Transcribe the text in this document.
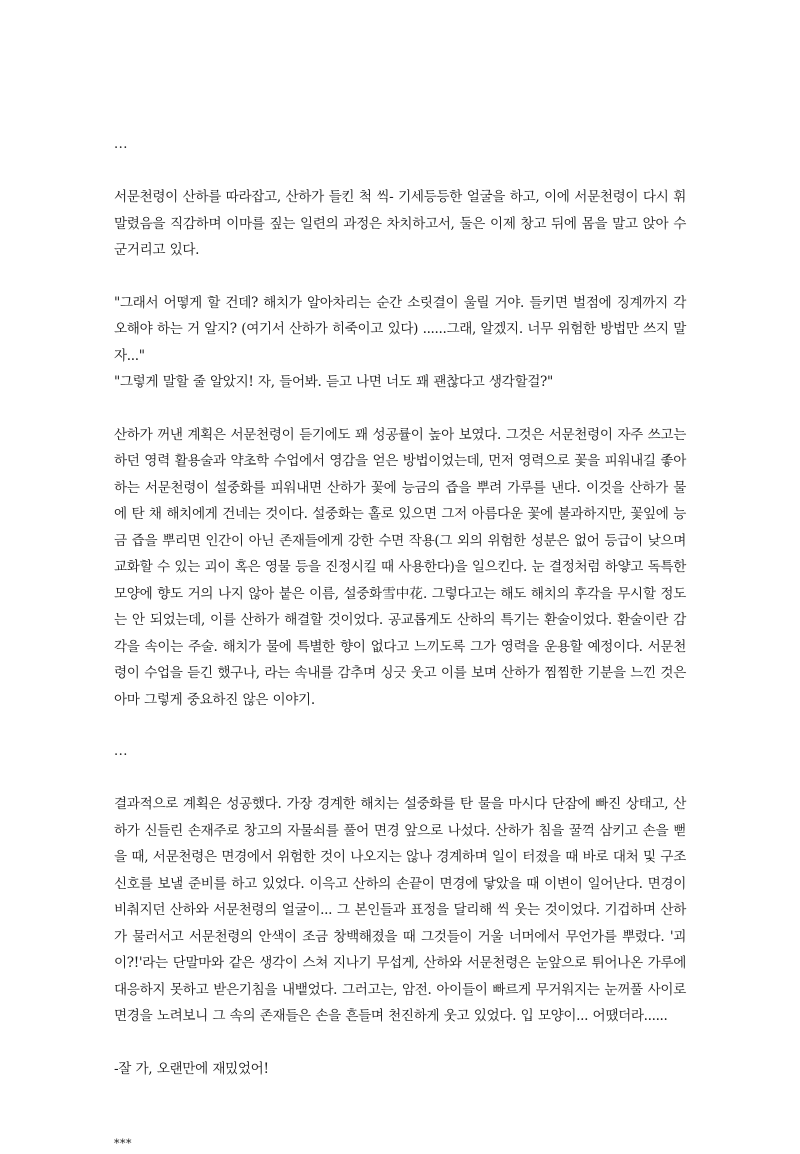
...

서문천령이 산하를 따라잡고, 산하가 들킨 척 씩- 기세등등한 얼굴을 하고, 이에 서문천령이 다시 휘말렸음을 직감하며 이마를 짚는 일련의 과정은 차치하고서, 둘은 이제 창고 뒤에 몸을 말고 앉아 수군거리고 있다.

"그래서 어떻게 할 건데? 해치가 알아차리는 순간 소릿결이 울릴 거야. 들키면 벌점에 징계까지 각오해야 하는 거 알지? (여기서 산하가 히죽이고 있다) ......그래, 알겠지. 너무 위험한 방법만 쓰지 말자..."
"그렇게 말할 줄 알았지! 자, 들어봐. 듣고 나면 너도 꽤 괜찮다고 생각할걸?"

산하가 꺼낸 계획은 서문천령이 듣기에도 꽤 성공률이 높아 보였다. 그것은 서문천령이 자주 쓰고는 하던 영력 활용술과 약초학 수업에서 영감을 얻은 방법이었는데, 먼저 영력으로 꽃을 피워내길 좋아하는 서문천령이 설중화를 피워내면 산하가 꽃에 능금의 즙을 뿌려 가루를 낸다. 이것을 산하가 물에 탄 채 해치에게 건네는 것이다. 설중화는 홀로 있으면 그저 아름다운 꽃에 불과하지만, 꽃잎에 능금 즙을 뿌리면 인간이 아닌 존재들에게 강한 수면 작용(그 외의 위험한 성분은 없어 등급이 낮으며 교화할 수 있는 괴이 혹은 영물 등을 진정시킬 때 사용한다)을 일으킨다. 눈 결정처럼 하얗고 독특한 모양에 향도 거의 나지 않아 붙은 이름, 설중화雪中花. 그렇다고는 해도 해치의 후각을 무시할 정도는 안 되었는데, 이를 산하가 해결할 것이었다. 공교롭게도 산하의 특기는 환술이었다. 환술이란 감각을 속이는 주술. 해치가 물에 특별한 향이 없다고 느끼도록 그가 영력을 운용할 예정이다. 서문천령이 수업을 듣긴 했구나, 라는 속내를 감추며 싱긋 웃고 이를 보며 산하가 찜찜한 기분을 느낀 것은 아마 그렇게 중요하진 않은 이야기.

...

결과적으로 계획은 성공했다. 가장 경계한 해치는 설중화를 탄 물을 마시다 단잠에 빠진 상태고, 산하가 신들린 손재주로 창고의 자물쇠를 풀어 면경 앞으로 나섰다. 산하가 침을 꿀꺽 삼키고 손을 뻗을 때, 서문천령은 면경에서 위험한 것이 나오지는 않나 경계하며 일이 터졌을 때 바로 대처 및 구조 신호를 보낼 준비를 하고 있었다. 이윽고 산하의 손끝이 면경에 닿았을 때 이변이 일어난다. 면경이 비춰지던 산하와 서문천령의 얼굴이... 그 본인들과 표정을 달리해 씩 웃는 것이었다. 기겁하며 산하가 물러서고 서문천령의 안색이 조금 창백해졌을 때 그것들이 거울 너머에서 무언가를 뿌렸다. '괴이?!'라는 단말마와 같은 생각이 스쳐 지나기 무섭게, 산하와 서문천령은 눈앞으로 튀어나온 가루에 대응하지 못하고 받은기침을 내뱉었다. 그러고는, 암전. 아이들이 빠르게 무거워지는 눈꺼풀 사이로 면경을 노려보니 그 속의 존재들은 손을 흔들며 천진하게 웃고 있었다. 입 모양이... 어땠더라......

-잘 가, 오랜만에 재밌었어!

***
